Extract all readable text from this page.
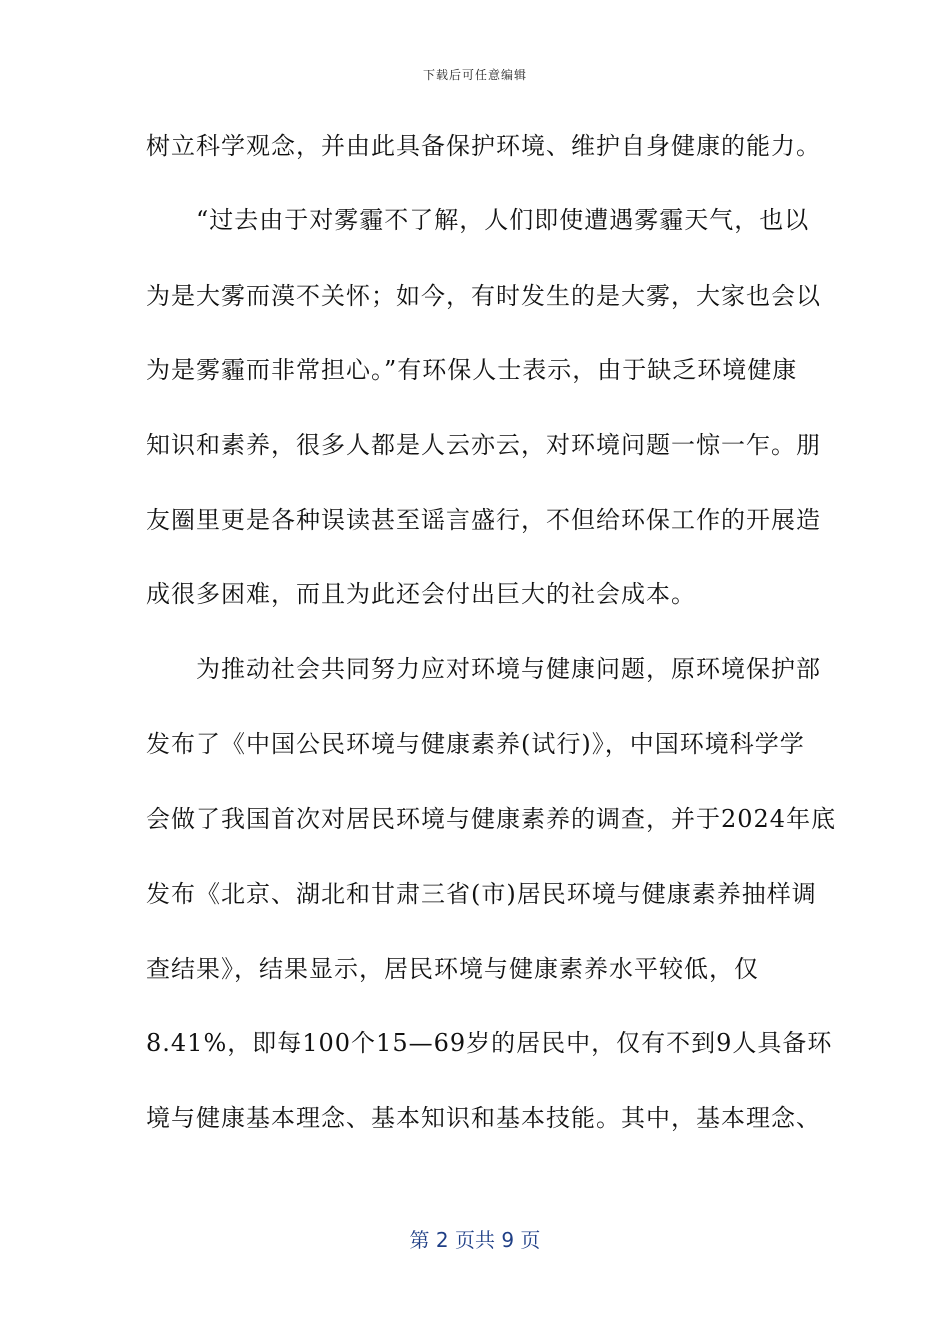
下载后可任意编辑
树立科学观念，并由此具备保护环境、维护自身健康的能力。
　　“过去由于对雾霾不了解，人们即使遭遇雾霾天气，也以
为是大雾而漠不关怀；如今，有时发生的是大雾，大家也会以
为是雾霾而非常担心。”有环保人士表示，由于缺乏环境健康
知识和素养，很多人都是人云亦云，对环境问题一惊一乍。朋
友圈里更是各种误读甚至谣言盛行，不但给环保工作的开展造
成很多困难，而且为此还会付出巨大的社会成本。
　　为推动社会共同努力应对环境与健康问题，原环境保护部
发布了《中国公民环境与健康素养(试行)》，中国环境科学学
会做了我国首次对居民环境与健康素养的调查，并于2024年底
发布《北京、湖北和甘肃三省(市)居民环境与健康素养抽样调
查结果》，结果显示，居民环境与健康素养水平较低，仅
8.41%，即每100个15—69岁的居民中，仅有不到9人具备环
境与健康基本理念、基本知识和基本技能。其中，基本理念、
第 2 页共 9 页
